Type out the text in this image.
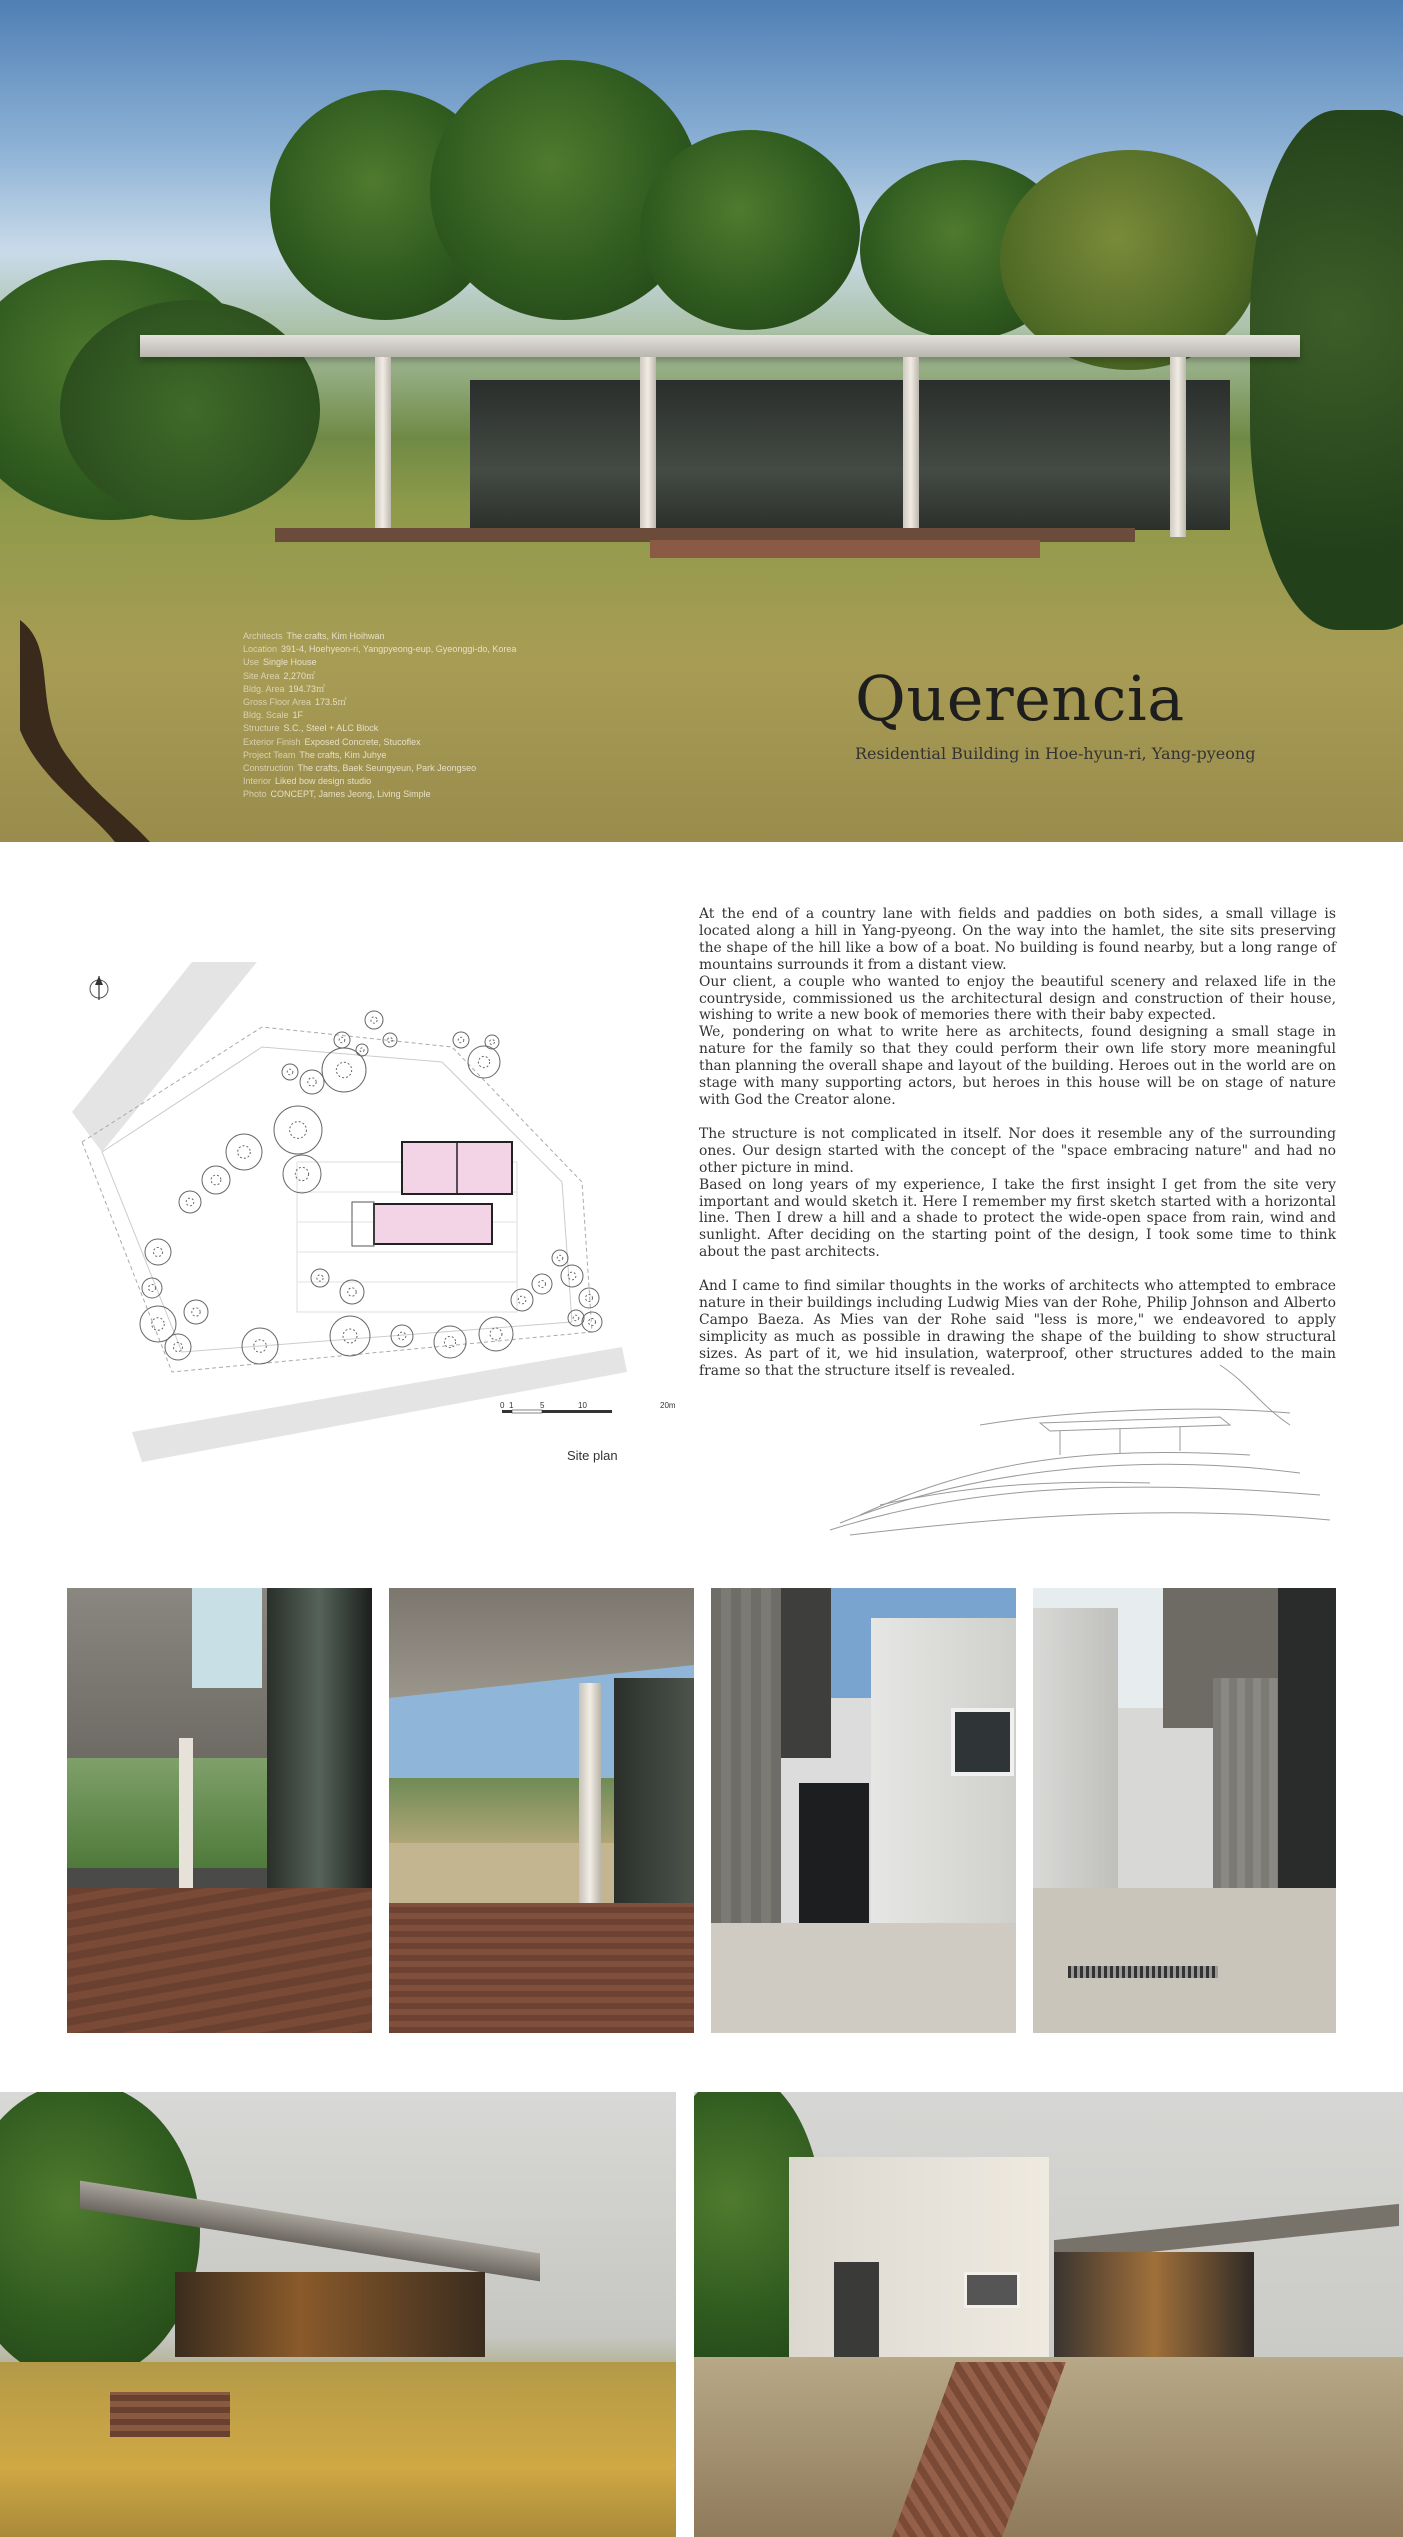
Architects The crafts, Kim Hoihwan
Location 391-4, Hoehyeon-ri, Yangpyeong-eup, Gyeonggi-do, Korea
Use Single House
Site Area 2,270㎡
Bldg. Area 194.73㎡
Gross Floor Area 173.5㎡
Bldg. Scale 1F
Structure S.C., Steel + ALC Block
Exterior Finish Exposed Concrete, Stucoflex
Project Team The crafts, Kim Juhye
Construction The crafts, Baek Seungyeun, Park Jeongseo
Interior Liked bow design studio
Photo CONCEPT, James Jeong, Living Simple
Querencia
Residential Building in Hoe-hyun-ri, Yang-pyeong
0 1	5	10	20m
Site plan

At the end of a country lane with fields and paddies on both sides, a small village is located along a hill in Yang-pyeong. On the way into the hamlet, the site sits preserving the shape of the hill like a bow of a boat. No building is found nearby, but a long range of mountains surrounds it from a distant view.

Our client, a couple who wanted to enjoy the beautiful scenery and relaxed life in the countryside, commissioned us the architectural design and construction of their house, wishing to write a new book of memories there with their baby expected.

We, pondering on what to write here as architects, found designing a small stage in nature for the family so that they could perform their own life story more meaningful than planning the overall shape and layout of the building. Heroes out in the world are on stage with many supporting actors, but heroes in this house will be on stage of nature with God the Creator alone.

The structure is not complicated in itself. Nor does it resemble any of the surrounding ones. Our design started with the concept of the "space embracing nature" and had no other picture in mind.

Based on long years of my experience, I take the first insight I get from the site very important and would sketch it. Here I remember my first sketch started with a horizontal line. Then I drew a hill and a shade to protect the wide-open space from rain, wind and sunlight. After deciding on the starting point of the design, I took some time to think about the past architects.

And I came to find similar thoughts in the works of architects who attempted to embrace nature in their buildings including Ludwig Mies van der Rohe, Philip Johnson and Alberto Campo Baeza. As Mies van der Rohe said "less is more," we endeavored to apply simplicity as much as possible in drawing the shape of the building to show structural sizes. As part of it, we hid insulation, waterproof, other structures added to the main frame so that the structure itself is revealed.
